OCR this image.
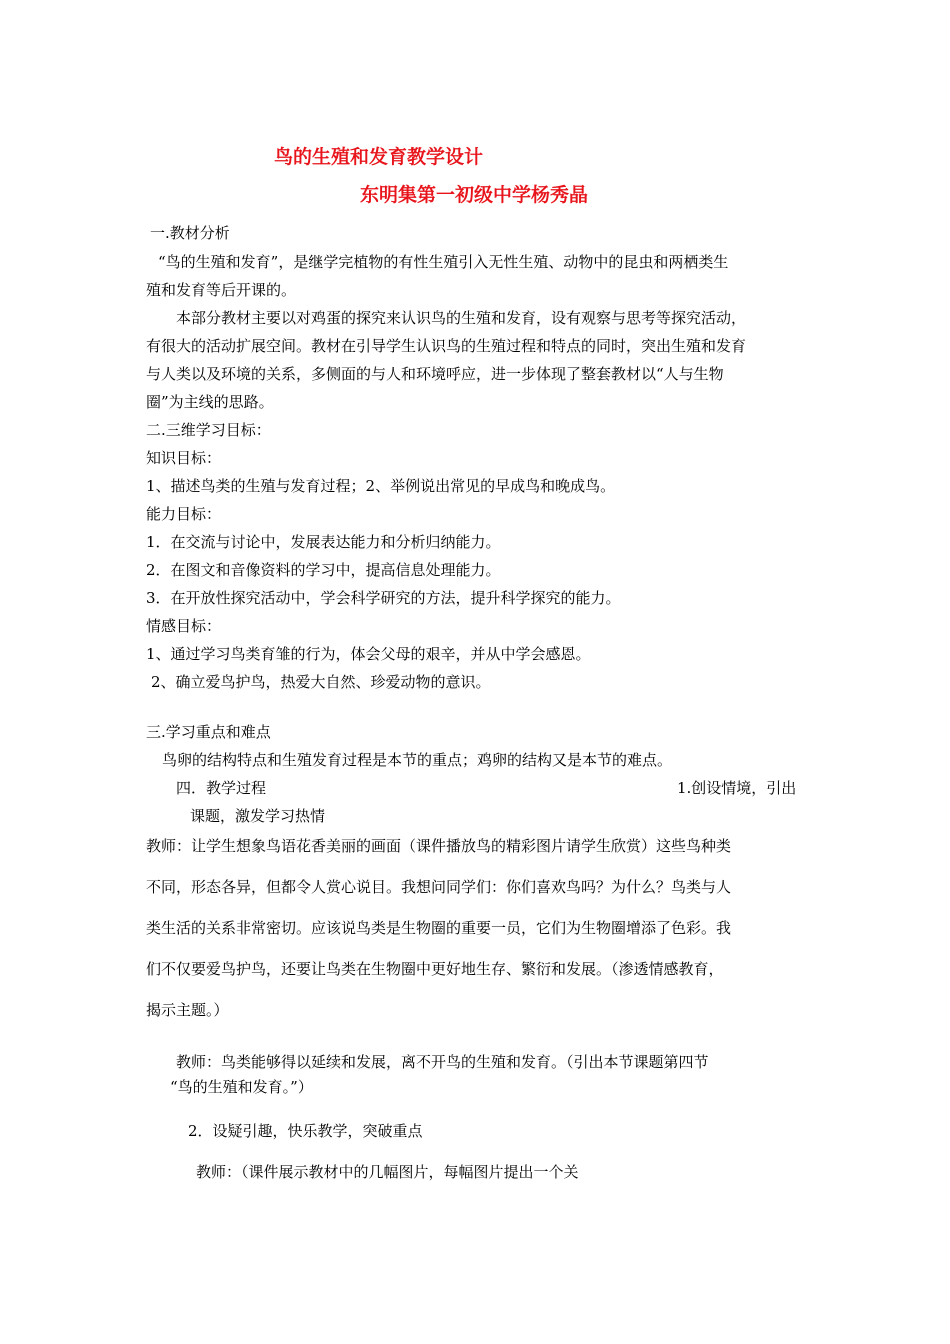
鸟的生殖和发育教学设计
东明集第一初级中学杨秀晶
一.教材分析
“鸟的生殖和发育”，是继学完植物的有性生殖引入无性生殖、动物中的昆虫和两栖类生
殖和发育等后开课的。
本部分教材主要以对鸡蛋的探究来认识鸟的生殖和发育，设有观察与思考等探究活动，
有很大的活动扩展空间。教材在引导学生认识鸟的生殖过程和特点的同时，突出生殖和发育
与人类以及环境的关系，多侧面的与人和环境呼应，进一步体现了整套教材以“人与生物
圈”为主线的思路。
二.三维学习目标：
知识目标：
1、描述鸟类的生殖与发育过程；2、举例说出常见的早成鸟和晚成鸟。
能力目标：
1．在交流与讨论中，发展表达能力和分析归纳能力。
2．在图文和音像资料的学习中，提高信息处理能力。
3．在开放性探究活动中，学会科学研究的方法，提升科学探究的能力。
情感目标：
1、通过学习鸟类育雏的行为，体会父母的艰辛，并从中学会感恩。
2、确立爱鸟护鸟，热爱大自然、珍爱动物的意识。
三.学习重点和难点
鸟卵的结构特点和生殖发育过程是本节的重点；鸡卵的结构又是本节的难点。
四．教学过程	1.创设情境，引出
课题，激发学习热情
教师：让学生想象鸟语花香美丽的画面（课件播放鸟的精彩图片请学生欣赏）这些鸟种类
不同，形态各异，但都令人赏心说目。我想问同学们：你们喜欢鸟吗？为什么？鸟类与人
类生活的关系非常密切。应该说鸟类是生物圈的重要一员，它们为生物圈增添了色彩。我
们不仅要爱鸟护鸟，还要让鸟类在生物圈中更好地生存、繁衍和发展。（渗透情感教育，
揭示主题。）
教师：鸟类能够得以延续和发展，离不开鸟的生殖和发育。（引出本节课题第四节
“鸟的生殖和发育。”）
2．设疑引趣，快乐教学，突破重点
教师：（课件展示教材中的几幅图片，每幅图片提出一个关
